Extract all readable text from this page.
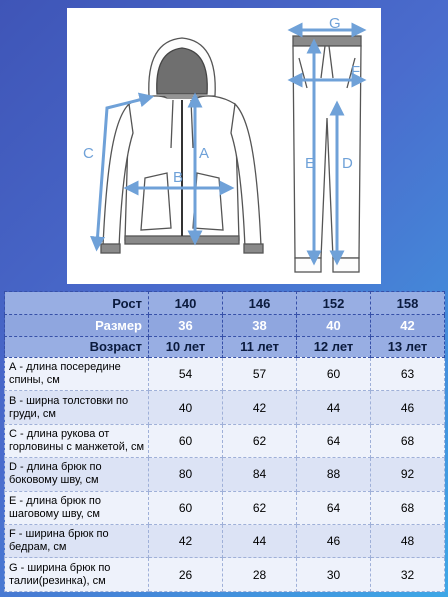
A
B
C
D
E
F
G
Рост	140	146	152	158
Размер	36	38	40	42
Возраст	10 лет	11 лет	12 лет	13 лет
А - длина посередине спины, см	54	57	60	63
В - ширна толстовки по груди, см	40	42	44	46
С - длина рукова от горловины с манжетой, см	60	62	64	68
D - длина брюк по боковому шву, см	80	84	88	92
E - длина брюк по шаговому шву, см	60	62	64	68
F - ширина брюк по бедрам, см	42	44	46	48
G - ширина брюк по талии(резинка), см	26	28	30	32
